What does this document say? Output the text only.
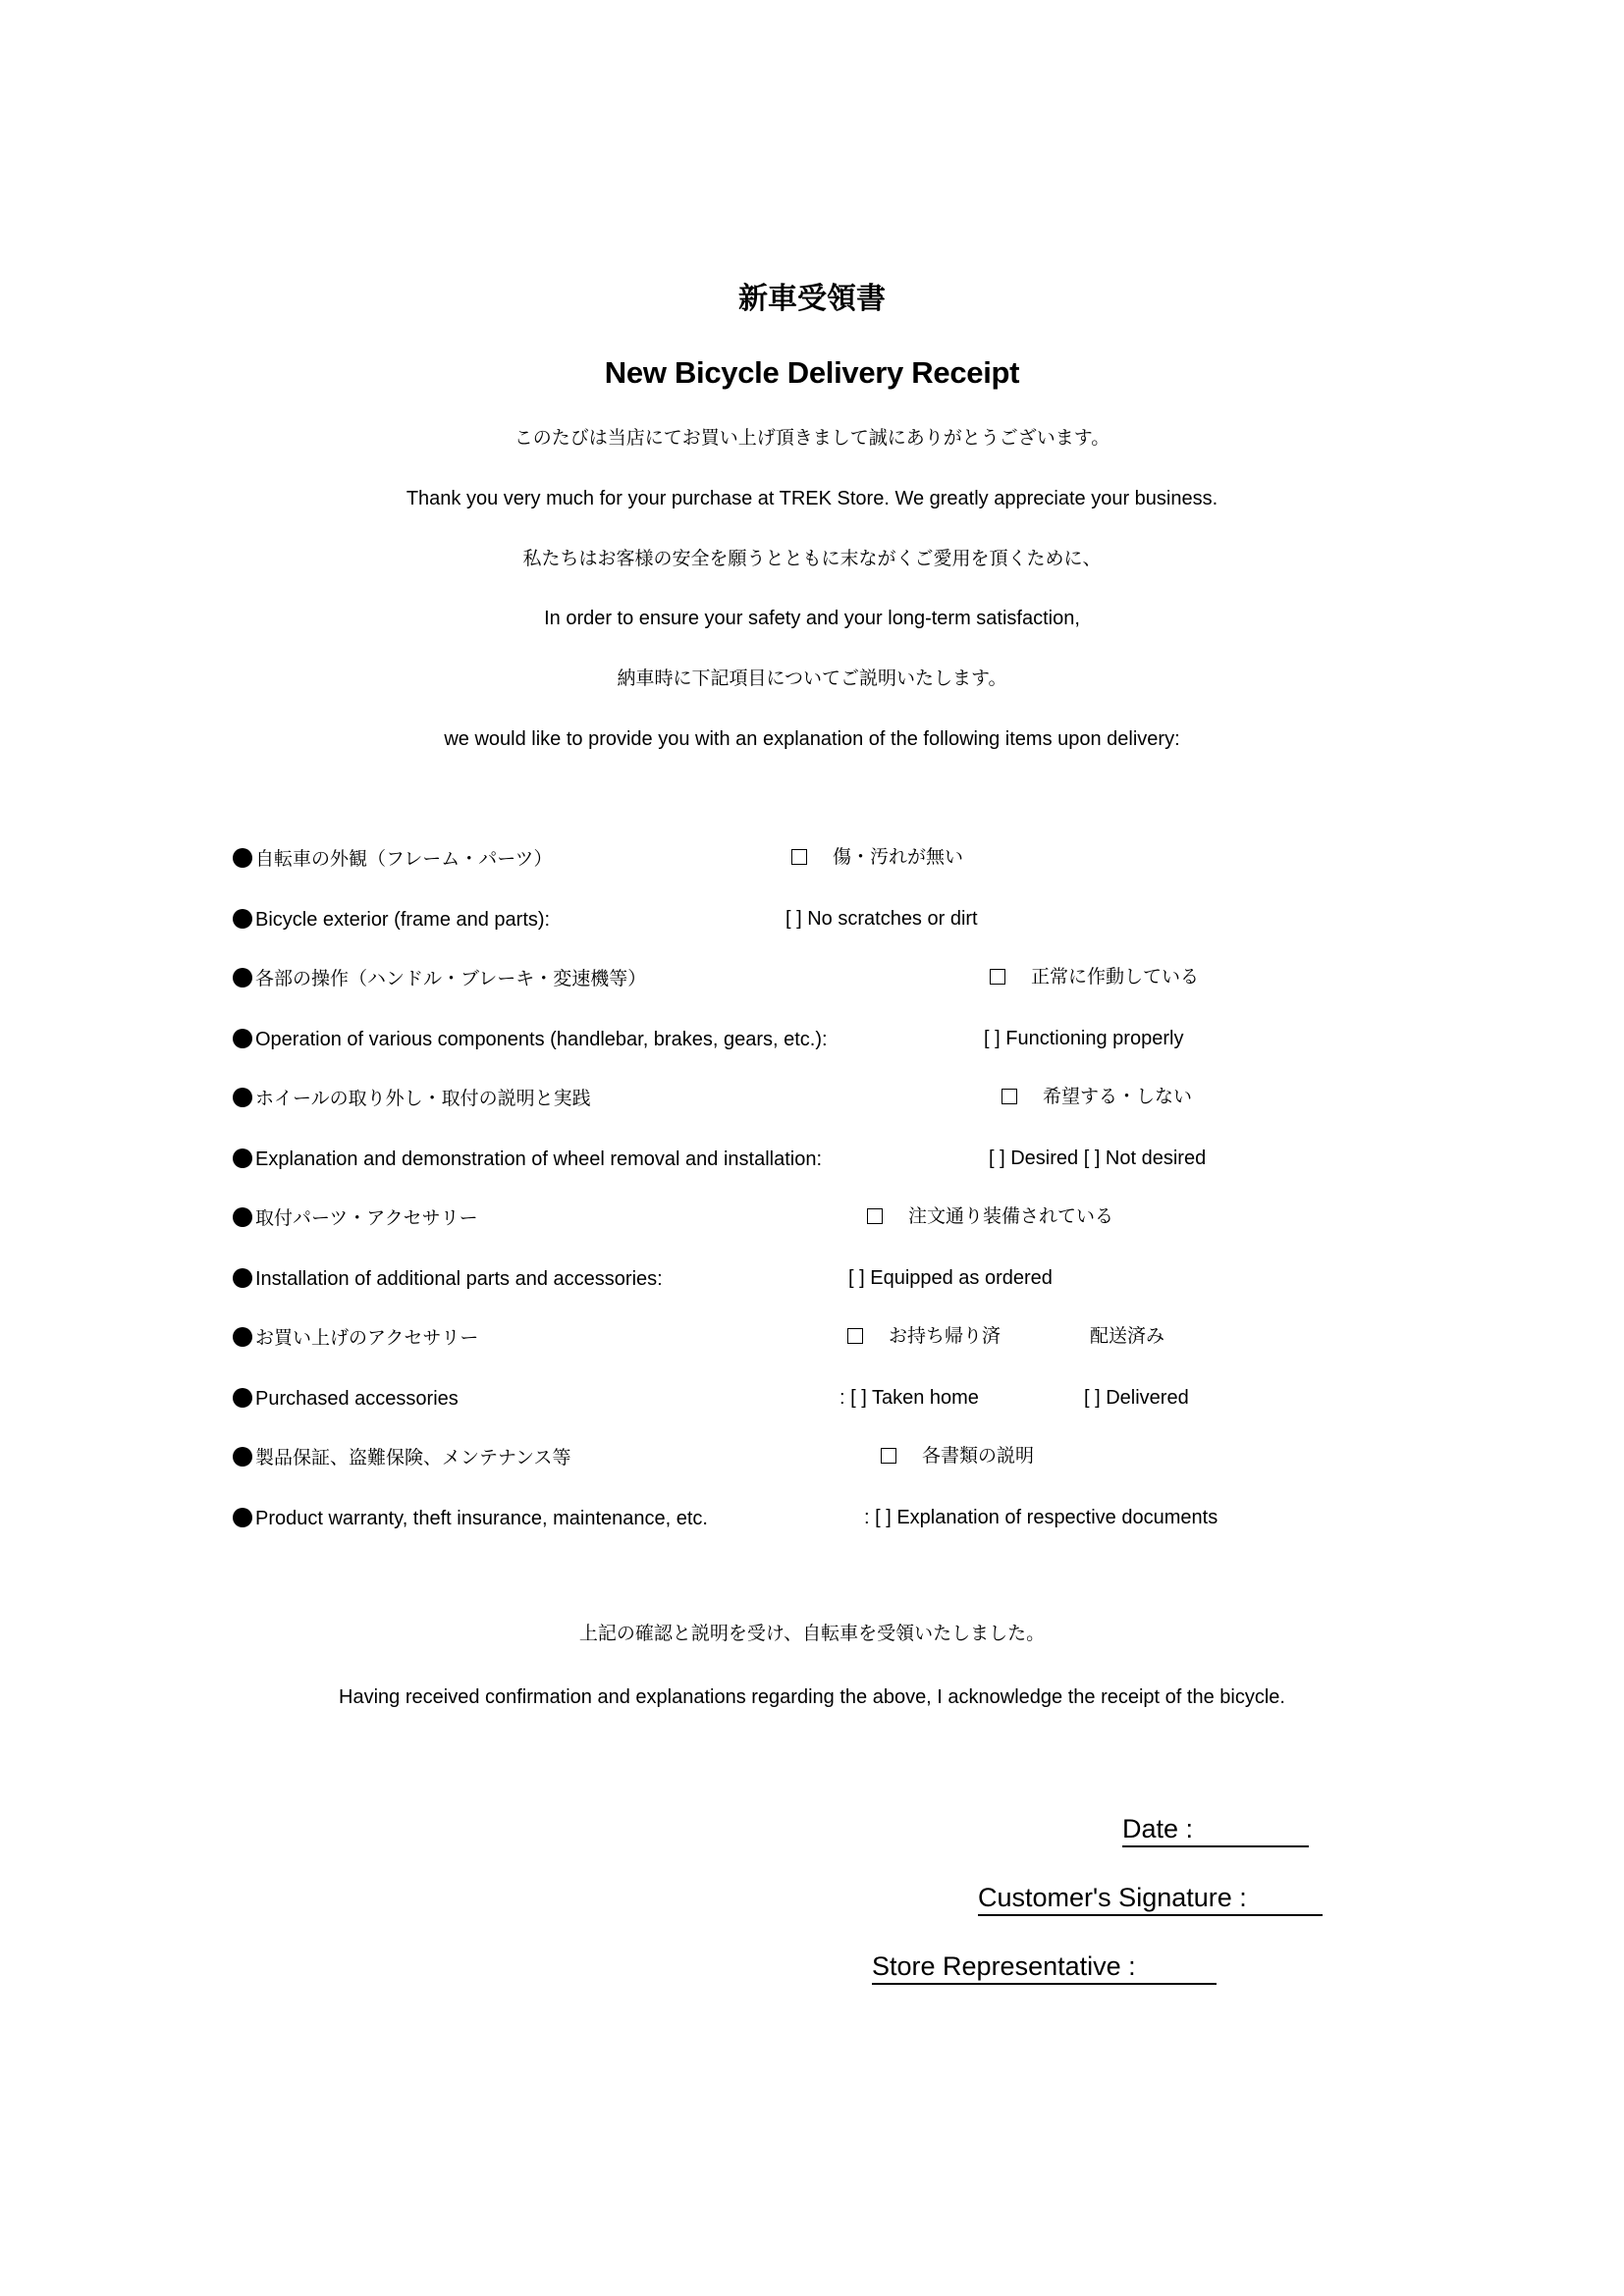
新車受領書
New Bicycle Delivery Receipt
このたびは当店にてお買い上げ頂きまして誠にありがとうございます。
Thank you very much for your purchase at TREK Store. We greatly appreciate your business.
私たちはお客様の安全を願うとともに末ながくご愛用を頂くために、
In order to ensure your safety and your long-term satisfaction,
納車時に下記項目についてご説明いたします。
we would like to provide you with an explanation of the following items upon delivery:
自転車の外観（フレーム・パーツ）	傷・汚れが無い
Bicycle exterior (frame and parts):	[ ] No scratches or dirt
各部の操作（ハンドル・ブレーキ・変速機等）	正常に作動している
Operation of various components (handlebar, brakes, gears, etc.):	[ ] Functioning properly
ホイールの取り外し・取付の説明と実践	希望する・しない
Explanation and demonstration of wheel removal and installation:	[ ] Desired [ ] Not desired
取付パーツ・アクセサリー	注文通り装備されている
Installation of additional parts and accessories:	[ ] Equipped as ordered
お買い上げのアクセサリー	お持ち帰り済	配送済み
Purchased accessories	: [ ] Taken home	[ ] Delivered
製品保証、盗難保険、メンテナンス等	各書類の説明
Product warranty, theft insurance, maintenance, etc.	: [ ] Explanation of respective documents
上記の確認と説明を受け、自転車を受領いたしました。
Having received confirmation and explanations regarding the above, I acknowledge the receipt of the bicycle.
Date :
Customer's Signature :
Store Representative :
